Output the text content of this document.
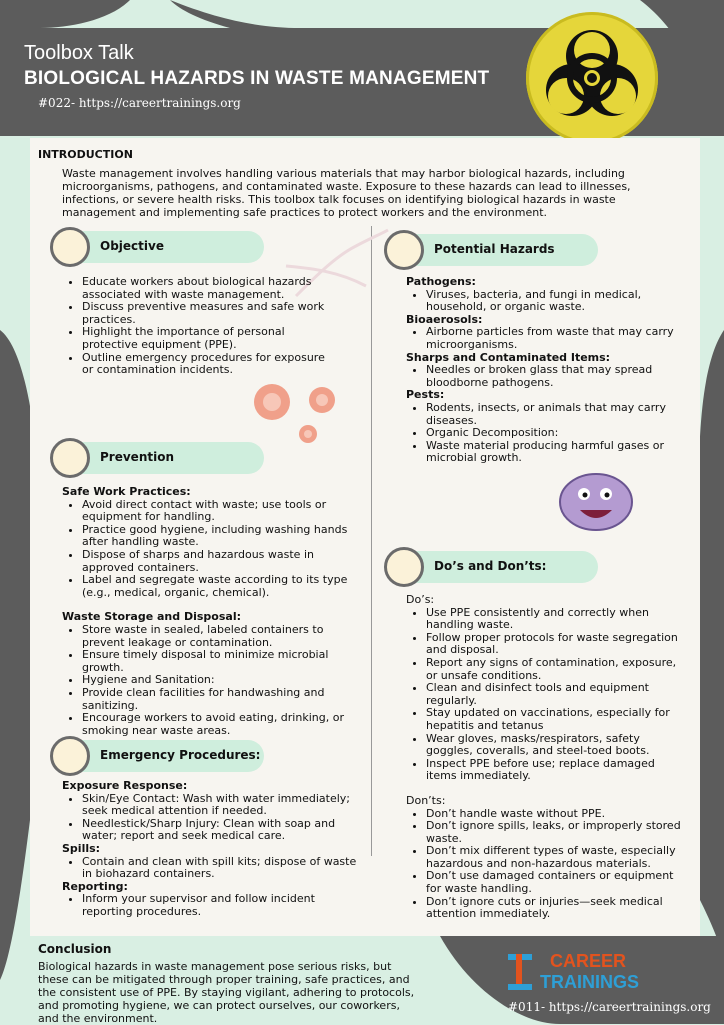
Toolbox Talk
BIOLOGICAL HAZARDS IN WASTE MANAGEMENT
#022- https://careertrainings.org
INTRODUCTION
Waste management involves handling various materials that may harbor biological hazards, including microorganisms, pathogens, and contaminated waste. Exposure to these hazards can lead to illnesses, infections, or severe health risks. This toolbox talk focuses on identifying biological hazards in waste management and implementing safe practices to protect workers and the environment.
Objective
• Educate workers about biological hazards associated with waste management.
• Discuss preventive measures and safe work practices.
• Highlight the importance of personal protective equipment (PPE).
• Outline emergency procedures for exposure or contamination incidents.
Prevention
Safe Work Practices:
• Avoid direct contact with waste; use tools or equipment for handling.
• Practice good hygiene, including washing hands after handling waste.
• Dispose of sharps and hazardous waste in approved containers.
• Label and segregate waste according to its type (e.g., medical, organic, chemical).
Waste Storage and Disposal:
• Store waste in sealed, labeled containers to prevent leakage or contamination.
• Ensure timely disposal to minimize microbial growth.
• Hygiene and Sanitation:
• Provide clean facilities for handwashing and sanitizing.
• Encourage workers to avoid eating, drinking, or smoking near waste areas.
Emergency Procedures:
Exposure Response:
• Skin/Eye Contact: Wash with water immediately; seek medical attention if needed.
• Needlestick/Sharp Injury: Clean with soap and water; report and seek medical care.
Spills:
• Contain and clean with spill kits; dispose of waste in biohazard containers.
Reporting:
• Inform your supervisor and follow incident reporting procedures.
Potential Hazards
Pathogens:
• Viruses, bacteria, and fungi in medical, household, or organic waste.
Bioaerosols:
• Airborne particles from waste that may carry microorganisms.
Sharps and Contaminated Items:
• Needles or broken glass that may spread bloodborne pathogens.
Pests:
• Rodents, insects, or animals that may carry diseases.
• Organic Decomposition:
• Waste material producing harmful gases or microbial growth.
Do’s and Don’ts:
Do’s:
• Use PPE consistently and correctly when handling waste.
• Follow proper protocols for waste segregation and disposal.
• Report any signs of contamination, exposure, or unsafe conditions.
• Clean and disinfect tools and equipment regularly.
• Stay updated on vaccinations, especially for hepatitis and tetanus
• Wear gloves, masks/respirators, safety goggles, coveralls, and steel-toed boots.
• Inspect PPE before use; replace damaged items immediately.
Don’ts:
• Don’t handle waste without PPE.
• Don’t ignore spills, leaks, or improperly stored waste.
• Don’t mix different types of waste, especially hazardous and non-hazardous materials.
• Don’t use damaged containers or equipment for waste handling.
• Don’t ignore cuts or injuries—seek medical attention immediately.
Conclusion
Biological hazards in waste management pose serious risks, but these can be mitigated through proper training, safe practices, and the consistent use of PPE. By staying vigilant, adhering to protocols, and promoting hygiene, we can protect ourselves, our coworkers, and the environment.
CAREER
TRAININGS
#011- https://careertrainings.org
